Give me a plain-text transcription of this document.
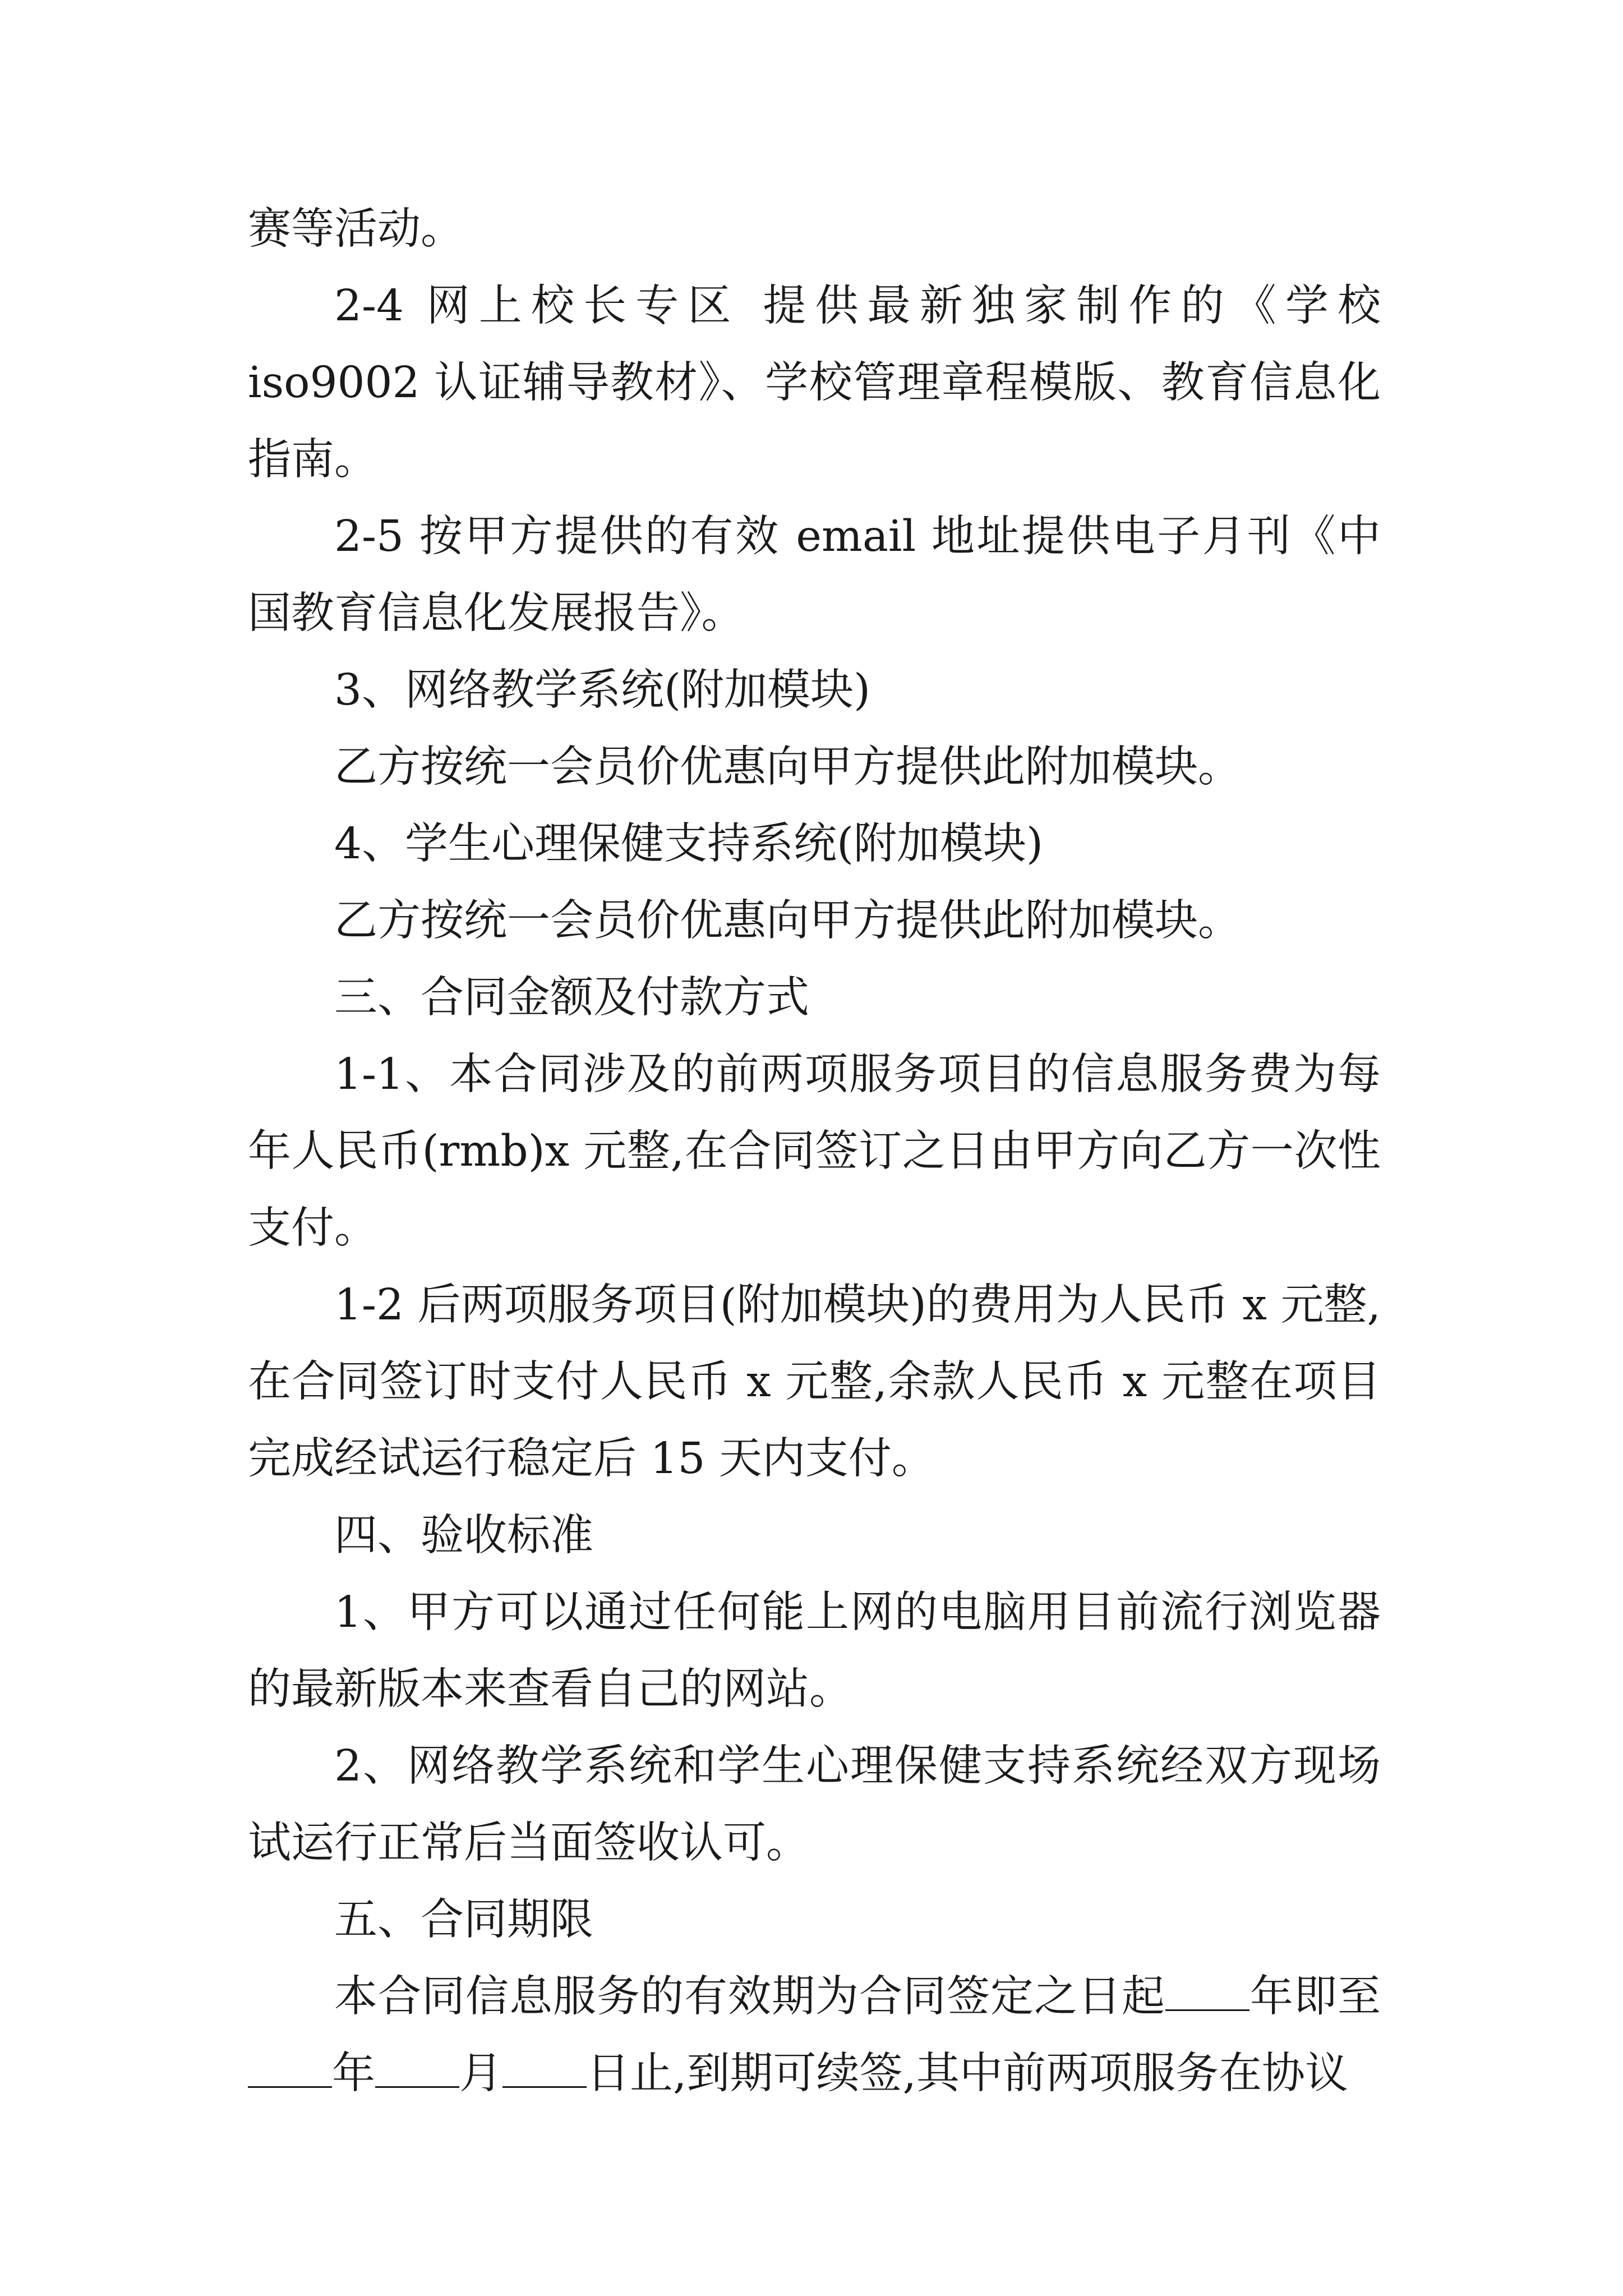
赛等活动。

2-4 网上校长专区 提供最新独家制作的《学校 iso9002 认证辅导教材》、学校管理章程模版、教育信息化指南。

2-5 按甲方提供的有效 email 地址提供电子月刊《中国教育信息化发展报告》。

3、网络教学系统(附加模块)

乙方按统一会员价优惠向甲方提供此附加模块。

4、学生心理保健支持系统(附加模块)

乙方按统一会员价优惠向甲方提供此附加模块。

三、合同金额及付款方式

1-1、本合同涉及的前两项服务项目的信息服务费为每年人民币(rmb)x 元整,在合同签订之日由甲方向乙方一次性支付。

1-2 后两项服务项目(附加模块)的费用为人民币 x 元整,在合同签订时支付人民币 x 元整,余款人民币 x 元整在项目完成经试运行稳定后 15 天内支付。

四、验收标准

1、甲方可以通过任何能上网的电脑用目前流行浏览器的最新版本来查看自己的网站。

2、网络教学系统和学生心理保健支持系统经双方现场试运行正常后当面签收认可。

五、合同期限

本合同信息服务的有效期为合同签定之日起 年即至年 月 日止,到期可续签,其中前两项服务在协议
